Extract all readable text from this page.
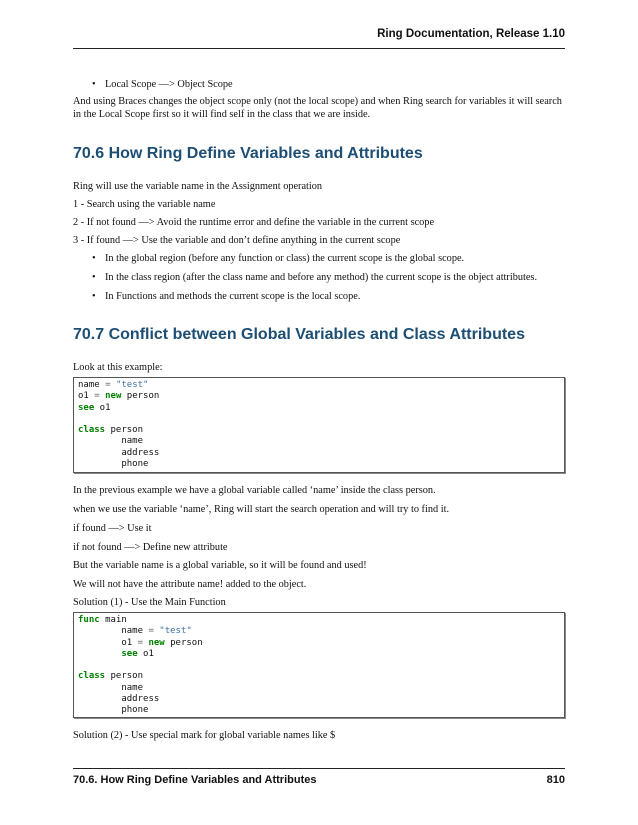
Ring Documentation, Release 1.10
• Local Scope —> Object Scope
And using Braces changes the object scope only (not the local scope) and when Ring search for variables it will search in the Local Scope first so it will find self in the class that we are inside.
70.6 How Ring Define Variables and Attributes
Ring will use the variable name in the Assignment operation
1 - Search using the variable name
2 - If not found —> Avoid the runtime error and define the variable in the current scope
3 - If found —> Use the variable and don’t define anything in the current scope
• In the global region (before any function or class) the current scope is the global scope.
• In the class region (after the class name and before any method) the current scope is the object attributes.
• In Functions and methods the current scope is the local scope.
70.7 Conflict between Global Variables and Class Attributes
Look at this example:
name = "test"
o1 = new person
see o1
class person
name
address
phone
In the previous example we have a global variable called ‘name’ inside the class person.
when we use the variable ‘name’, Ring will start the search operation and will try to find it.
if found —> Use it
if not found —> Define new attribute
But the variable name is a global variable, so it will be found and used!
We will not have the attribute name! added to the object.
Solution (1) - Use the Main Function
func main
name = "test"
o1 = new person
see o1
class person
name
address
phone
Solution (2) - Use special mark for global variable names like $
70.6. How Ring Define Variables and Attributes	810
